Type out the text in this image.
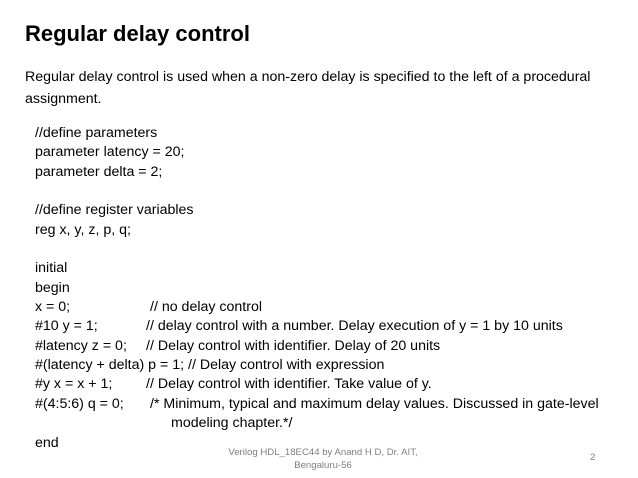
Regular delay control
Regular delay control is used when a non-zero delay is specified to the left of a procedural assignment.
//define parameters
parameter latency = 20;
parameter delta = 2;
//define register variables
reg x, y, z, p, q;
initial
begin
x = 0;	// no delay control
#10 y = 1;	// delay control with a number. Delay execution of y = 1 by 10 units
#latency z = 0; // Delay control with identifier. Delay of 20 units
#(latency + delta) p = 1; // Delay control with expression
#y x = x + 1; // Delay control with identifier. Take value of y.
#(4:5:6) q = 0; /* Minimum, typical and maximum delay values. Discussed in gate-level
modeling chapter.*/
end
Verilog HDL_18EC44 by Anand H D, Dr. AIT,
Bengaluru-56
2
